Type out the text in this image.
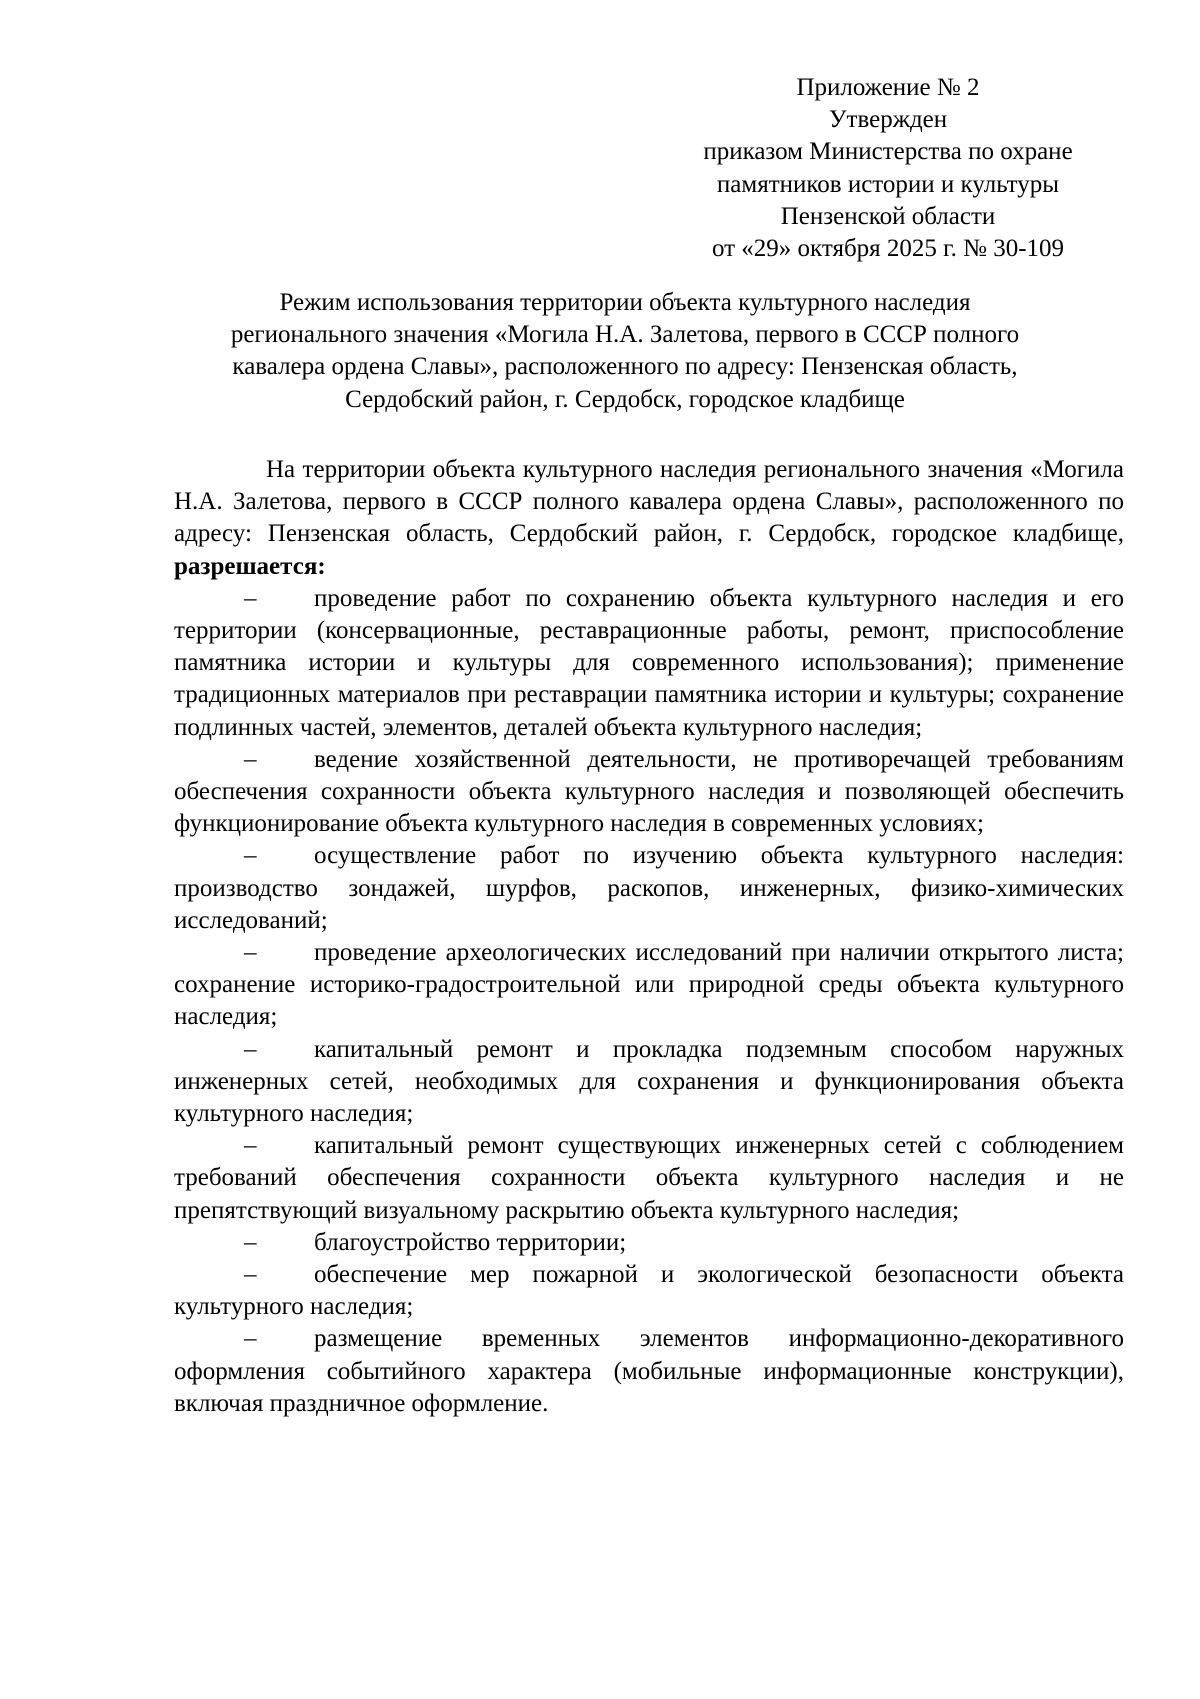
Приложение № 2
Утвержден
приказом Министерства по охране
памятников истории и культуры
Пензенской области
от «29» октября 2025 г. № 30-109
Режим использования территории объекта культурного наследия
регионального значения «Могила Н.А. Залетова, первого в СССР полного
кавалера ордена Славы», расположенного по адресу: Пензенская область,
Сердобский район, г. Сердобск, городское кладбище

На территории объекта культурного наследия регионального значения «Могила Н.А. Залетова, первого в СССР полного кавалера ордена Славы», расположенного по адресу: Пензенская область, Сердобский район, г. Сердобск, городское кладбище, разрешается:

– проведение работ по сохранению объекта культурного наследия и его территории (консервационные, реставрационные работы, ремонт, приспособление памятника истории и культуры для современного использования); применение традиционных материалов при реставрации памятника истории и культуры; сохранение подлинных частей, элементов, деталей объекта культурного наследия;

– ведение хозяйственной деятельности, не противоречащей требованиям обеспечения сохранности объекта культурного наследия и позволяющей обеспечить функционирование объекта культурного наследия в современных условиях;

– осуществление работ по изучению объекта культурного наследия: производство зондажей, шурфов, раскопов, инженерных, физико-химических исследований;

– проведение археологических исследований при наличии открытого листа; сохранение историко-градостроительной или природной среды объекта культурного наследия;

– капитальный ремонт и прокладка подземным способом наружных инженерных сетей, необходимых для сохранения и функционирования объекта культурного наследия;

– капитальный ремонт существующих инженерных сетей с соблюдением требований обеспечения сохранности объекта культурного наследия и не препятствующий визуальному раскрытию объекта культурного наследия;

– благоустройство территории;

– обеспечение мер пожарной и экологической безопасности объекта культурного наследия;

– размещение временных элементов информационно-декоративного оформления событийного характера (мобильные информационные конструкции), включая праздничное оформление.
